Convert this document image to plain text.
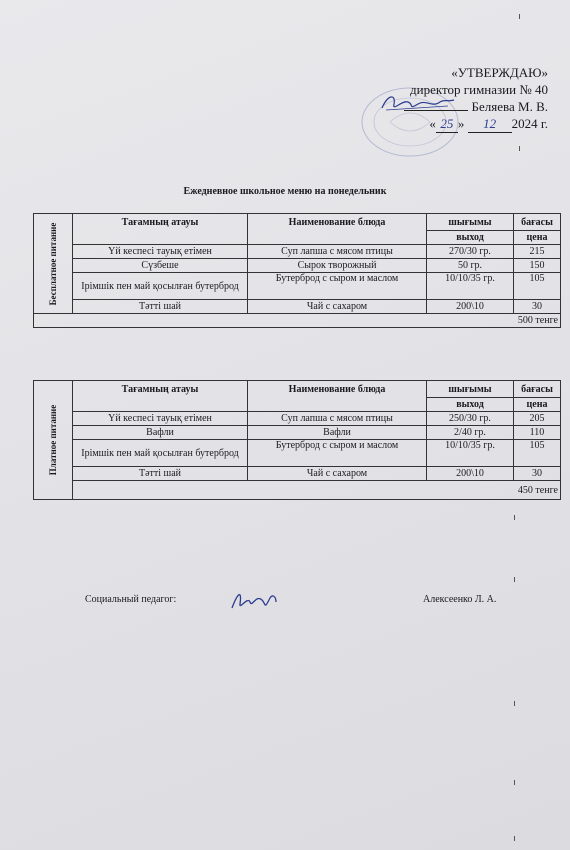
«УТВЕРЖДАЮ»
директор гимназии № 40
Беляева М. В.
« 25 » 12 2024 г.
Ежедневное школьное меню на понедельник
Бесплатное питание	Тағамның атауы	Наименование блюда	шығымы	бағасы
			выход	цена
	Үй кеспесі тауық етімен	Суп лапша с мясом птицы	270/30 гр.	215
	Сүзбеше	Сырок творожный	50 гр.	150
	Ірімшік пен май қосылған бутерброд	Бутерброд с сыром и маслом	10/10/35 гр.	105
	Тәтті шай	Чай с сахаром	200\10	30
500 тенге				
Платное питание	Тағамның атауы	Наименование блюда	шығымы	бағасы
			выход	цена
	Үй кеспесі тауық етімен	Суп лапша с мясом птицы	250/30 гр.	205
	Вафли	Вафли	2/40 гр.	110
	Ірімшік пен май қосылған бутерброд	Бутерброд с сыром и маслом	10/10/35 гр.	105
	Тәтті шай	Чай с сахаром	200\10	30
	450 тенге			
Социальный педагог:	Алексеенко Л. А.
